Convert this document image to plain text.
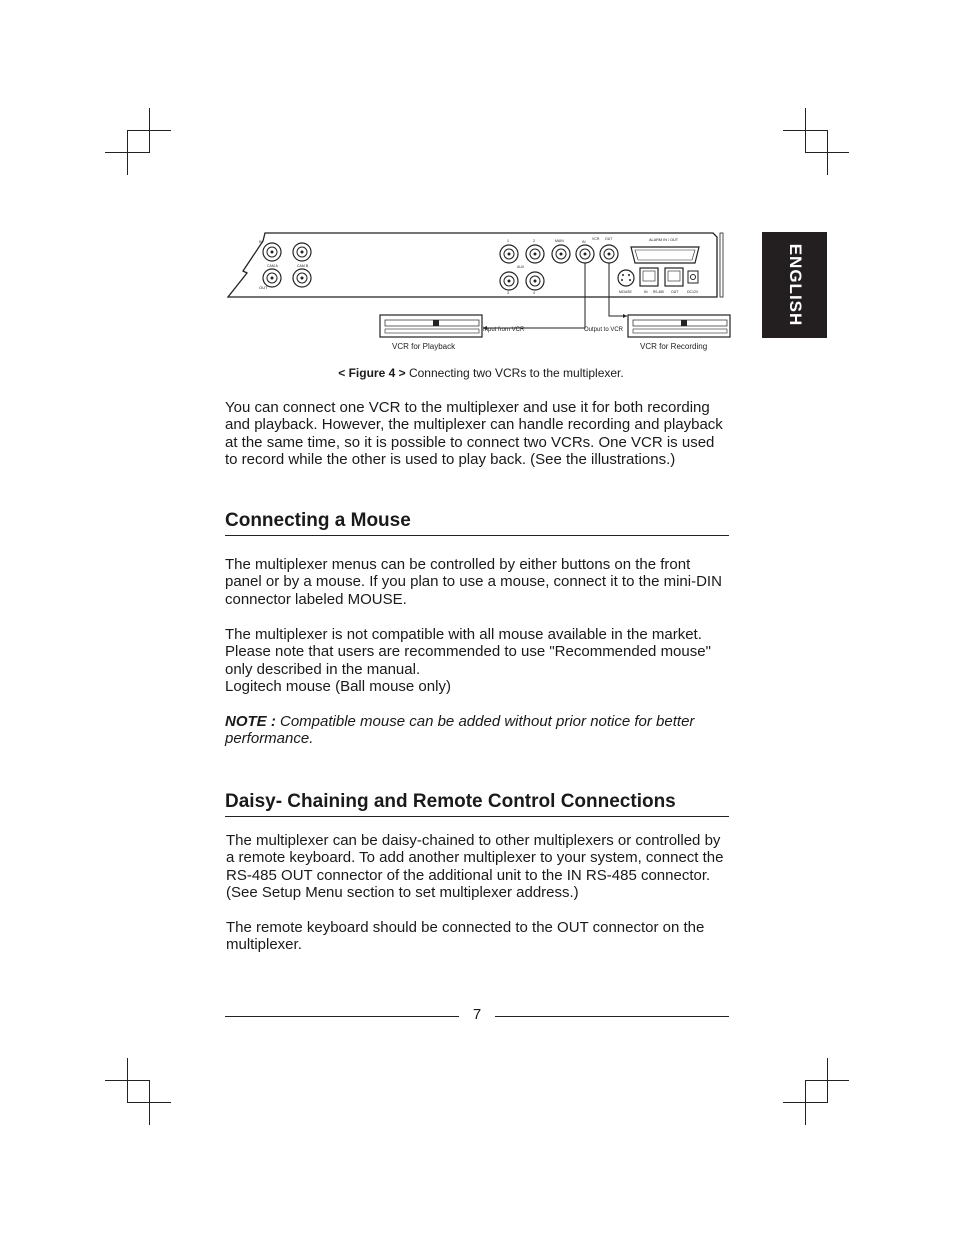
ENGLISH
IN
OUT
CAM A	CAM B
1	2	MAIN	VCR
IN
OUT
AUX
3	4
ALARM IN / OUT
MOUSE	IN RS-485 OUT DC12V
Input from VCR	Output to VCR
VCR for Playback	VCR for Recording
< Figure 4 > Connecting two VCRs to the multiplexer.

You can connect one VCR to the multiplexer and use it for both recording and playback. However, the multiplexer can handle recording and playback at the same time, so it is possible to connect two VCRs. One VCR is used to record while the other is used to play back. (See the illustrations.)

Connecting a Mouse

The multiplexer menus can be controlled by either buttons on the front panel or by a mouse. If you plan to use a mouse, connect it to the mini-DIN connector labeled MOUSE.

The multiplexer is not compatible with all mouse available in the market. Please note that users are recommended to use "Recommended mouse" only described in the manual.
Logitech mouse (Ball mouse only)

NOTE : Compatible mouse can be added without prior notice for better performance.

Daisy- Chaining and Remote Control Connections

The multiplexer can be daisy-chained to other multiplexers or controlled by a remote keyboard. To add another multiplexer to your system, connect the RS-485 OUT connector of the additional unit to the IN RS-485 connector. (See Setup Menu section to set multiplexer address.)

The remote keyboard should be connected to the OUT connector on the multiplexer.

7
